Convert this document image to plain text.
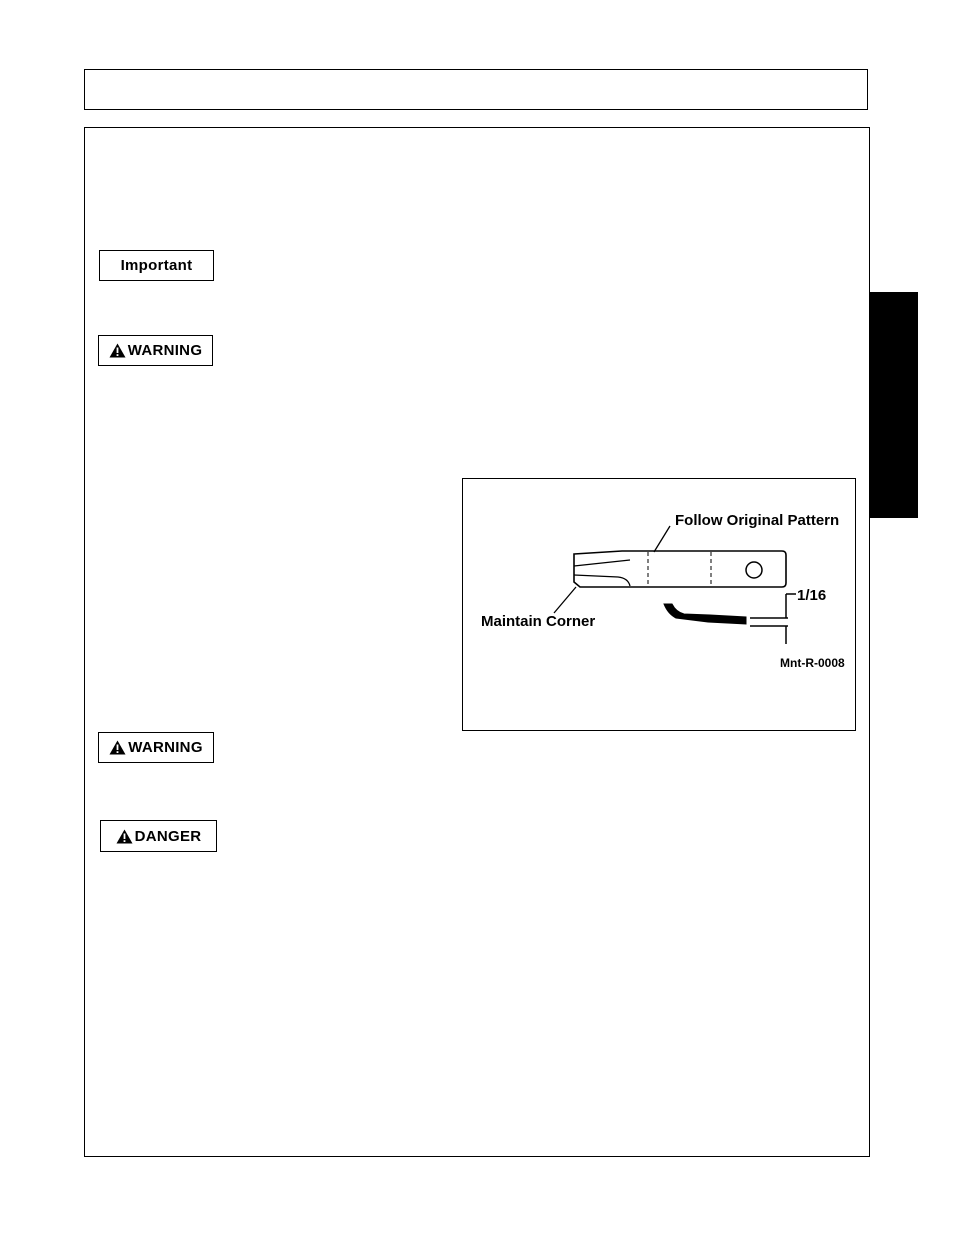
Important
WARNING
WARNING
DANGER
Follow Original Pattern
Maintain Corner
1/16
Mnt-R-0008
